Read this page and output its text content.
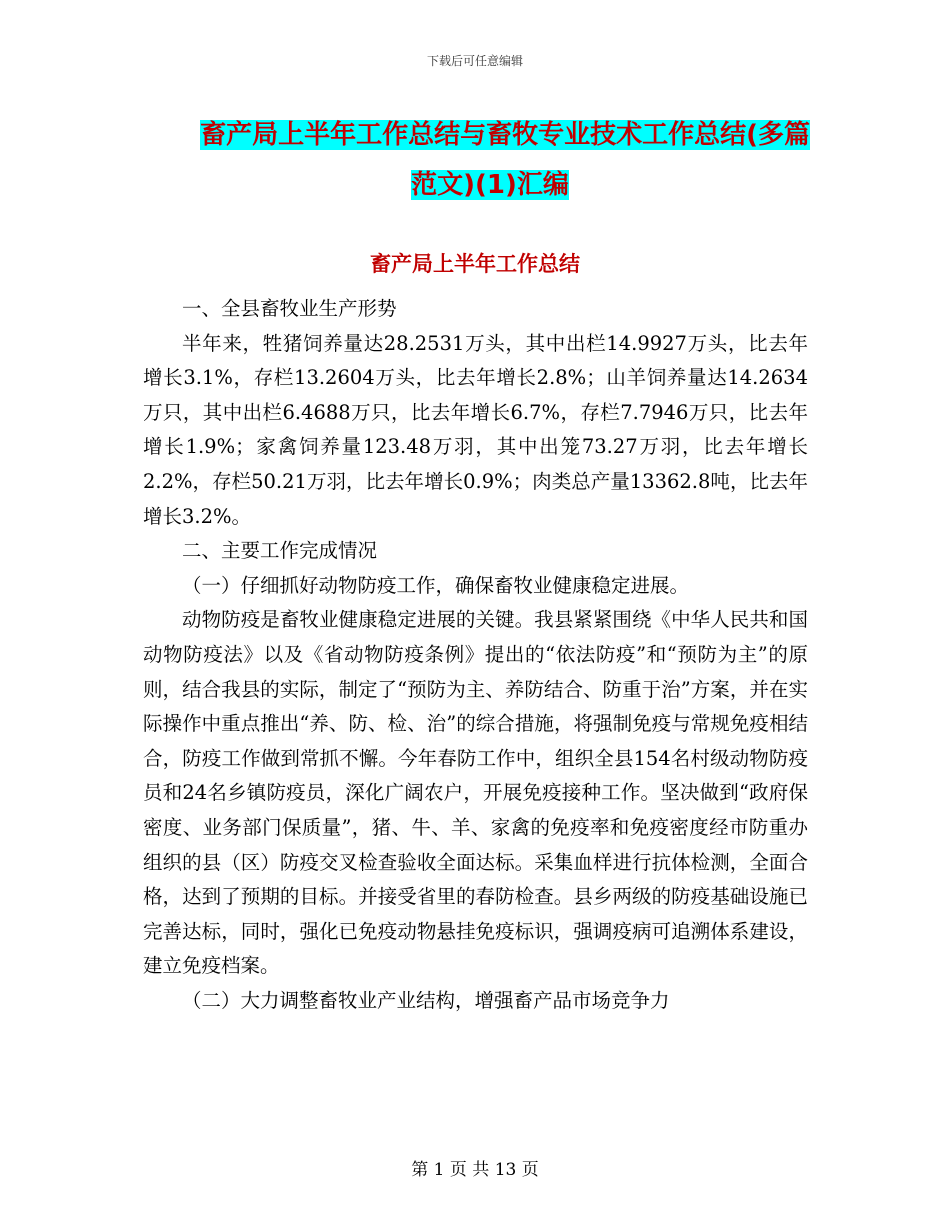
下载后可任意编辑
畜产局上半年工作总结与畜牧专业技术工作总结(多篇
范文)(1)汇编
畜产局上半年工作总结

一、全县畜牧业生产形势

半年来，牲猪饲养量达28.2531万头，其中出栏14.9927万头，比去年增长3.1%，存栏13.2604万头，比去年增长2.8%；山羊饲养量达14.2634万只，其中出栏6.4688万只，比去年增长6.7%，存栏7.7946万只，比去年增长1.9%；家禽饲养量123.48万羽，其中出笼73.27万羽，比去年增长2.2%，存栏50.21万羽，比去年增长0.9%；肉类总产量13362.8吨，比去年增长3.2%。

二、主要工作完成情况

（一）仔细抓好动物防疫工作，确保畜牧业健康稳定进展。

动物防疫是畜牧业健康稳定进展的关键。我县紧紧围绕《中华人民共和国动物防疫法》以及《省动物防疫条例》提出的“依法防疫”和“预防为主”的原则，结合我县的实际，制定了“预防为主、养防结合、防重于治”方案，并在实际操作中重点推出“养、防、检、治”的综合措施，将强制免疫与常规免疫相结合，防疫工作做到常抓不懈。今年春防工作中，组织全县154名村级动物防疫员和24名乡镇防疫员，深化广阔农户，开展免疫接种工作。坚决做到“政府保密度、业务部门保质量”，猪、牛、羊、家禽的免疫率和免疫密度经市防重办组织的县（区）防疫交叉检查验收全面达标。采集血样进行抗体检测，全面合格，达到了预期的目标。并接受省里的春防检查。县乡两级的防疫基础设施已完善达标，同时，强化已免疫动物悬挂免疫标识，强调疫病可追溯体系建设，建立免疫档案。

（二）大力调整畜牧业产业结构，增强畜产品市场竞争力

第 1 页 共 13 页
